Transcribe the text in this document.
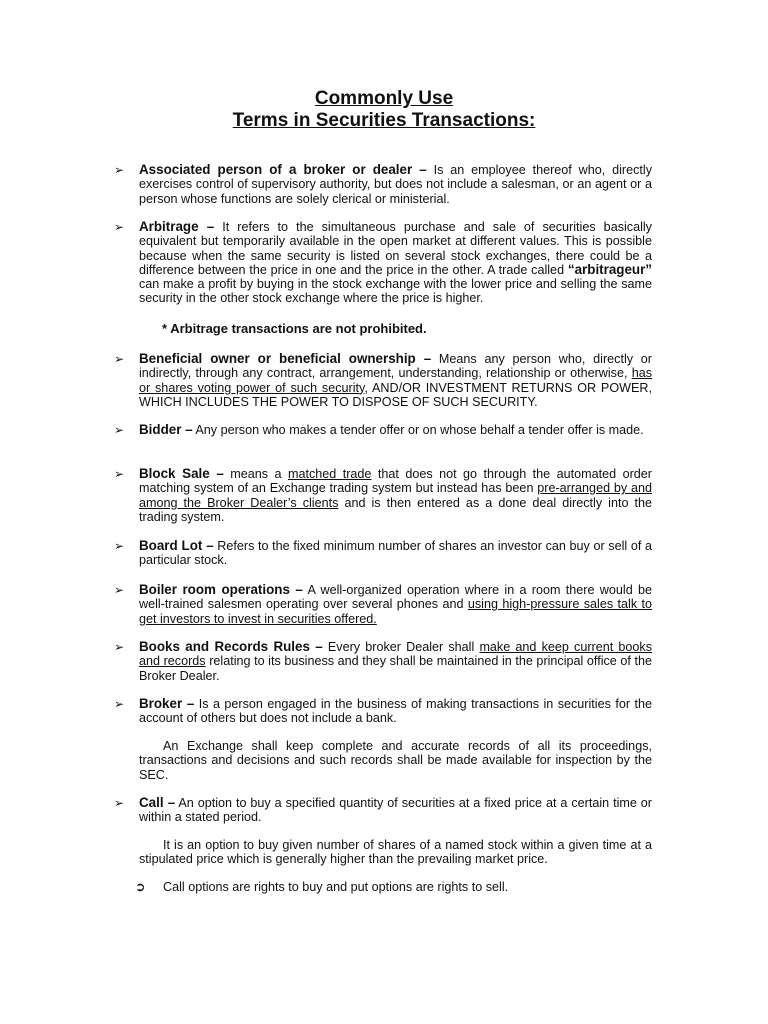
Commonly Use
Terms in Securities Transactions:
➢ Associated person of a broker or dealer – Is an employee thereof who, directly exercises control of supervisory authority, but does not include a salesman, or an agent or a person whose functions are solely clerical or ministerial.
➢ Arbitrage – It refers to the simultaneous purchase and sale of securities basically equivalent but temporarily available in the open market at different values. This is possible because when the same security is listed on several stock exchanges, there could be a difference between the price in one and the price in the other. A trade called “arbitrageur” can make a profit by buying in the stock exchange with the lower price and selling the same security in the other stock exchange where the price is higher.
* Arbitrage transactions are not prohibited.
➢ Beneficial owner or beneficial ownership – Means any person who, directly or indirectly, through any contract, arrangement, understanding, relationship or otherwise, has or shares voting power of such security, AND/OR INVESTMENT RETURNS OR POWER, WHICH INCLUDES THE POWER TO DISPOSE OF SUCH SECURITY.
➢ Bidder – Any person who makes a tender offer or on whose behalf a tender offer is made.
➢ Block Sale – means a matched trade that does not go through the automated order matching system of an Exchange trading system but instead has been pre-arranged by and among the Broker Dealer’s clients and is then entered as a done deal directly into the trading system.
➢ Board Lot – Refers to the fixed minimum number of shares an investor can buy or sell of a particular stock.
➢ Boiler room operations – A well-organized operation where in a room there would be well-trained salesmen operating over several phones and using high-pressure sales talk to get investors to invest in securities offered.
➢ Books and Records Rules – Every broker Dealer shall make and keep current books and records relating to its business and they shall be maintained in the principal office of the Broker Dealer.
➢ Broker – Is a person engaged in the business of making transactions in securities for the account of others but does not include a bank.
An Exchange shall keep complete and accurate records of all its proceedings, transactions and decisions and such records shall be made available for inspection by the SEC.
➢ Call – An option to buy a specified quantity of securities at a fixed price at a certain time or within a stated period.
It is an option to buy given number of shares of a named stock within a given time at a stipulated price which is generally higher than the prevailing market price.
➲ Call options are rights to buy and put options are rights to sell.
